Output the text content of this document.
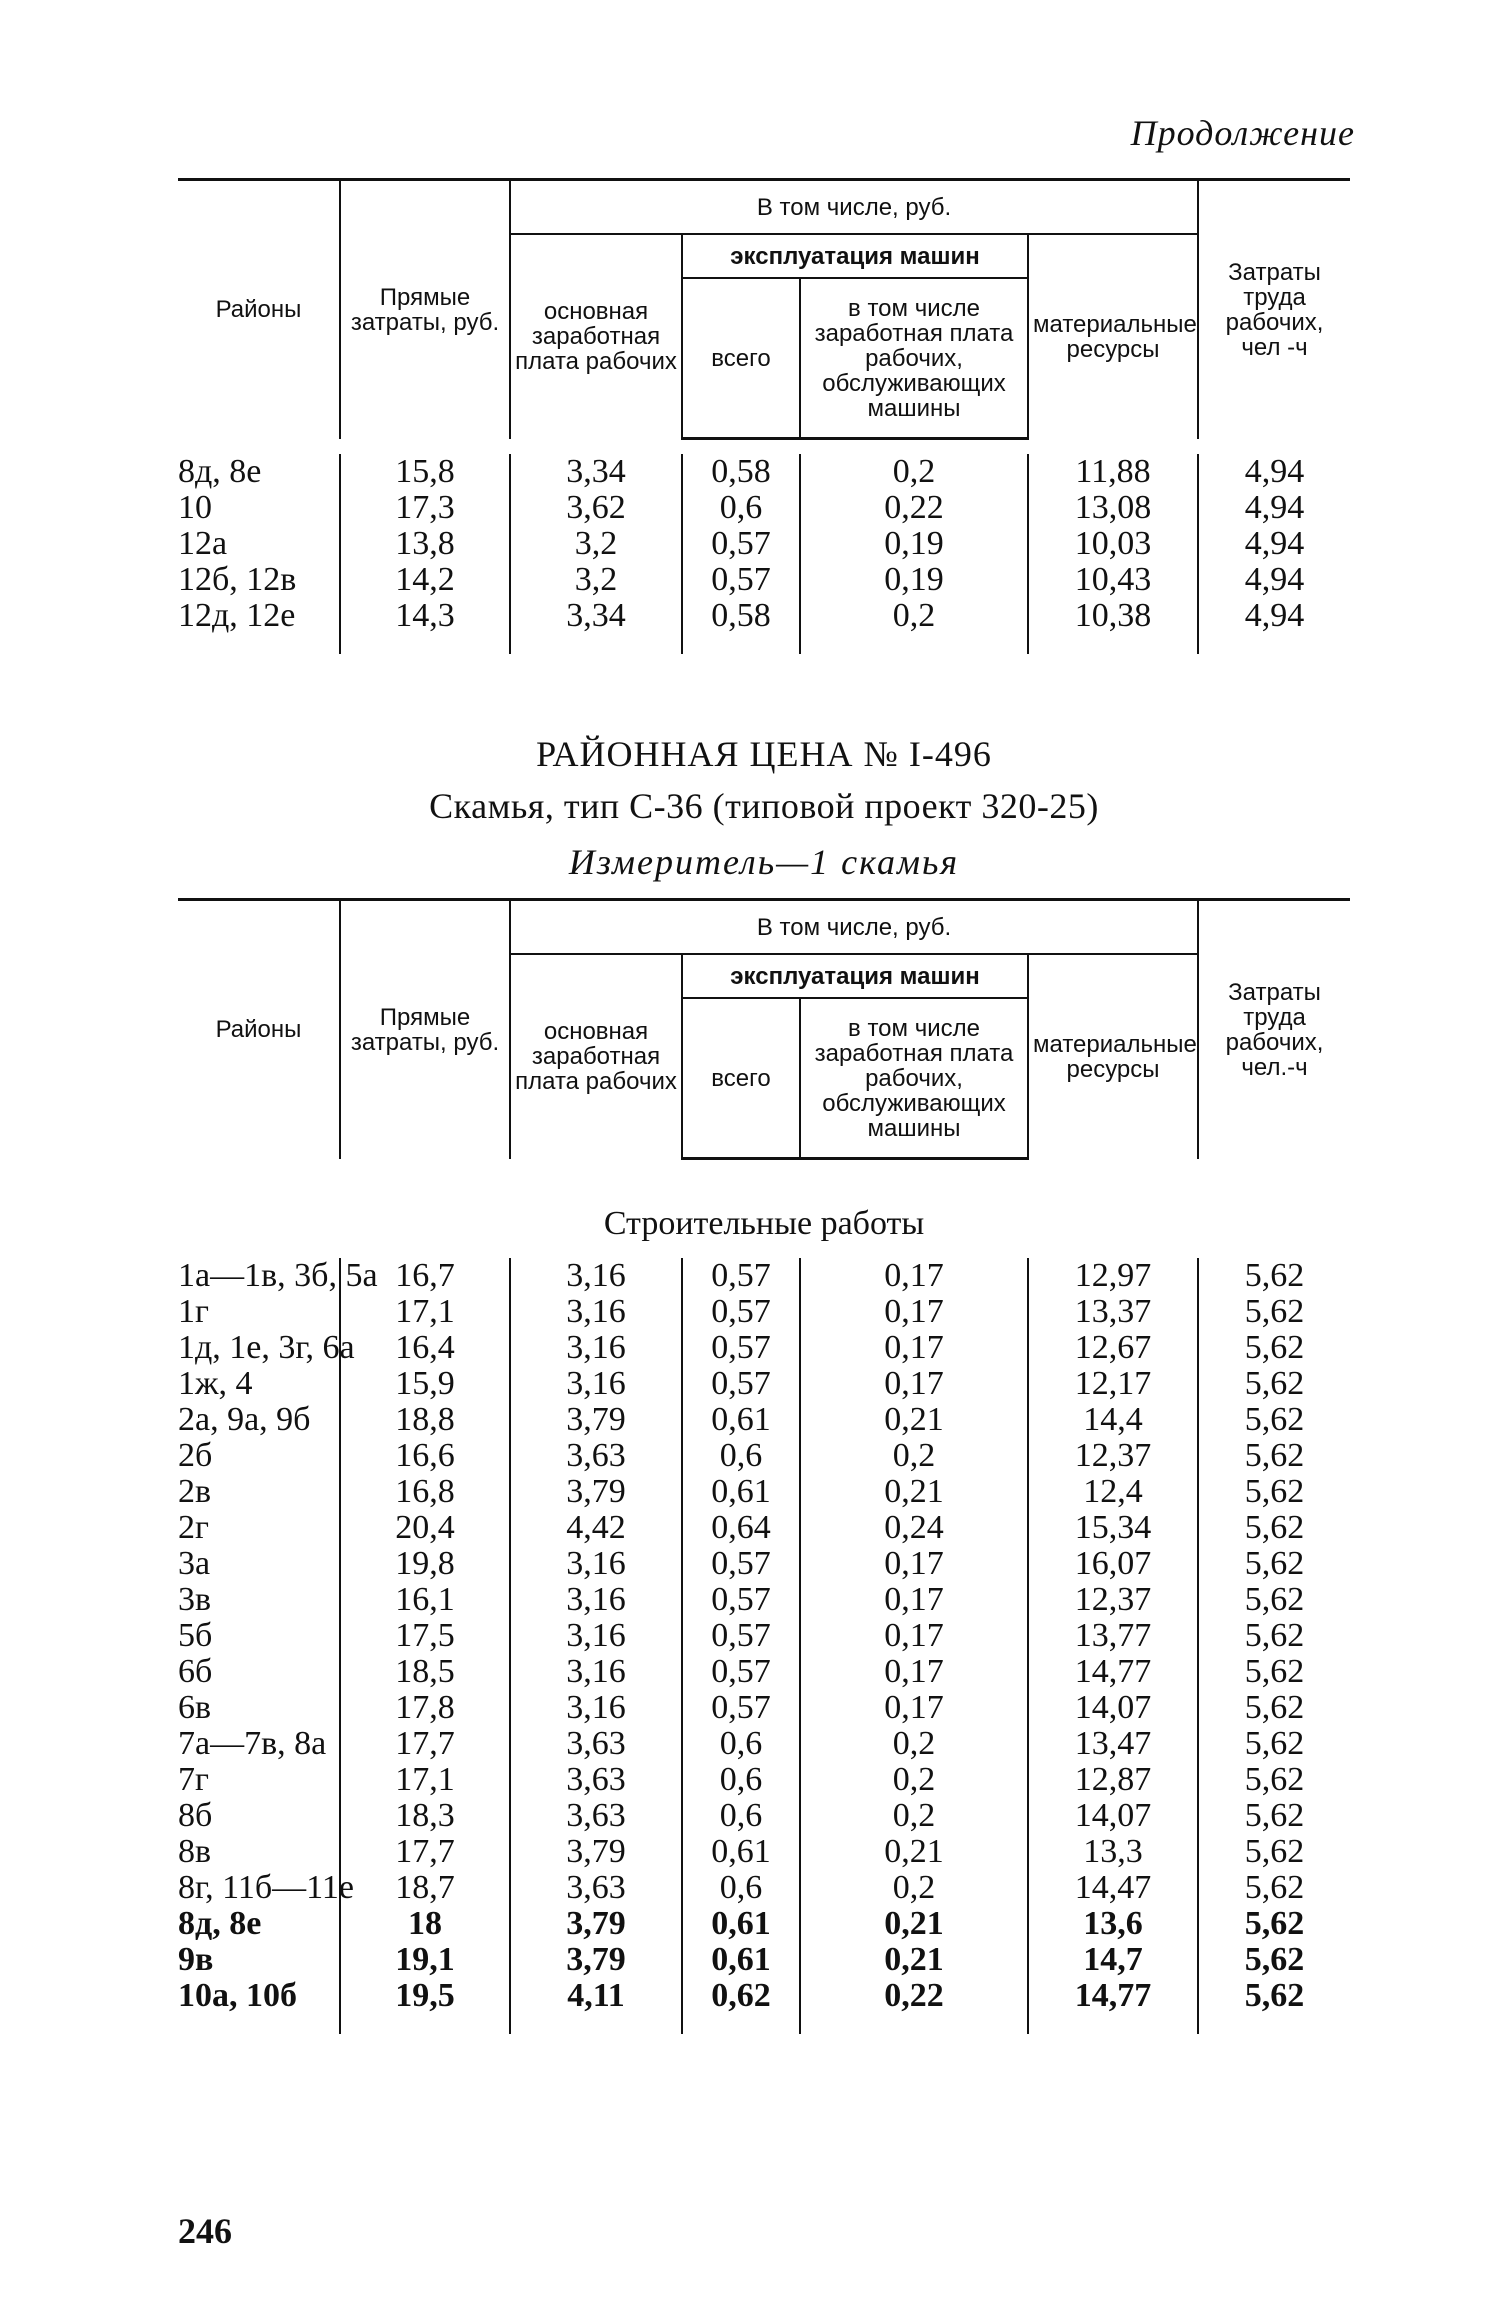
Продолжение
Районы	Прямые затраты, руб.	В том числе, руб.				Затраты труда рабочих, чел -ч
		основная заработная плата рабочих	эксплуатация машин		материальные ресурсы	
			всего	в том числе заработная плата рабочих, обслуживающих машины		
8д, 8е	15,8	3,34	0,58	0,2	11,88	4,94
10	17,3	3,62	0,6	0,22	13,08	4,94
12а	13,8	3,2	0,57	0,19	10,03	4,94
12б, 12в	14,2	3,2	0,57	0,19	10,43	4,94
12д, 12е	14,3	3,34	0,58	0,2	10,38	4,94

РАЙОННАЯ ЦЕНА № I-496
Скамья, тип С-36 (типовой проект 320-25)
Измеритель—1 скамья
Районы	Прямые затраты, руб.	В том числе, руб.				Затраты труда рабочих, чел.-ч
		основная заработная плата рабочих	эксплуатация машин		материальные ресурсы	
			всего	в том числе заработная плата рабочих, обслуживающих машины		
Строительные работы						
1а—1в, 3б, 5а	16,7	3,16	0,57	0,17	12,97	5,62
1г	17,1	3,16	0,57	0,17	13,37	5,62
1д, 1е, 3г, 6а	16,4	3,16	0,57	0,17	12,67	5,62
1ж, 4	15,9	3,16	0,57	0,17	12,17	5,62
2а, 9а, 9б	18,8	3,79	0,61	0,21	14,4	5,62
2б	16,6	3,63	0,6	0,2	12,37	5,62
2в	16,8	3,79	0,61	0,21	12,4	5,62
2г	20,4	4,42	0,64	0,24	15,34	5,62
3а	19,8	3,16	0,57	0,17	16,07	5,62
3в	16,1	3,16	0,57	0,17	12,37	5,62
5б	17,5	3,16	0,57	0,17	13,77	5,62
6б	18,5	3,16	0,57	0,17	14,77	5,62
6в	17,8	3,16	0,57	0,17	14,07	5,62
7а—7в, 8а	17,7	3,63	0,6	0,2	13,47	5,62
7г	17,1	3,63	0,6	0,2	12,87	5,62
8б	18,3	3,63	0,6	0,2	14,07	5,62
8в	17,7	3,79	0,61	0,21	13,3	5,62
8г, 11б—11е	18,7	3,63	0,6	0,2	14,47	5,62
8д, 8е	18	3,79	0,61	0,21	13,6	5,62
9в	19,1	3,79	0,61	0,21	14,7	5,62
10а, 10б	19,5	4,11	0,62	0,22	14,77	5,62

246
